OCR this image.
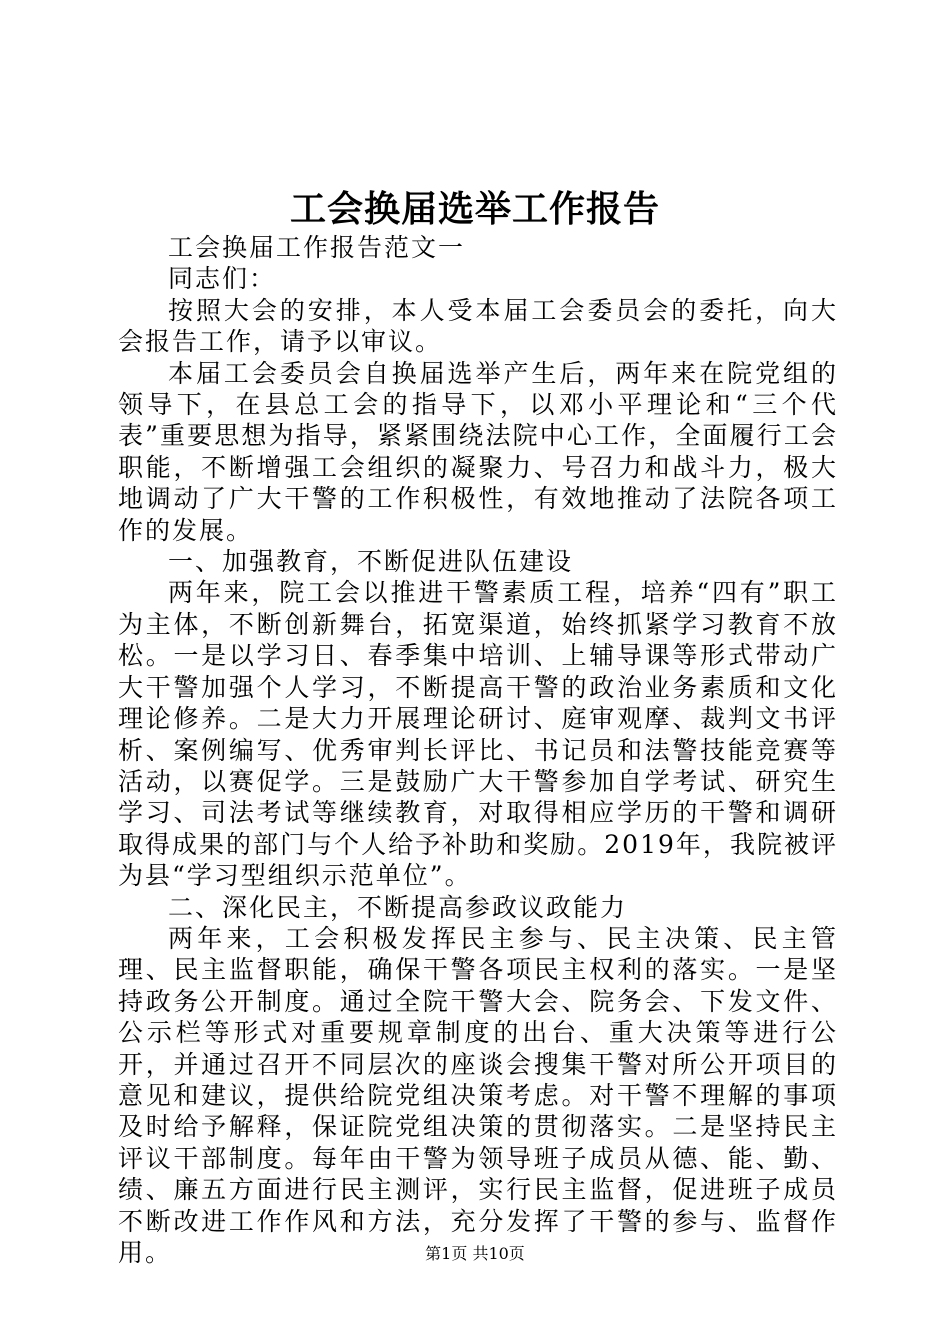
工会换届选举工作报告

工会换届工作报告范文一

同志们：

按照大会的安排，本人受本届工会委员会的委托，向大会报告工作，请予以审议。

本届工会委员会自换届选举产生后，两年来在院党组的领导下，在县总工会的指导下，以邓小平理论和“三个代表”重要思想为指导，紧紧围绕法院中心工作，全面履行工会职能，不断增强工会组织的凝聚力、号召力和战斗力，极大地调动了广大干警的工作积极性，有效地推动了法院各项工作的发展。

一、加强教育，不断促进队伍建设

两年来，院工会以推进干警素质工程，培养“四有”职工为主体，不断创新舞台，拓宽渠道，始终抓紧学习教育不放松。一是以学习日、春季集中培训、上辅导课等形式带动广大干警加强个人学习，不断提高干警的政治业务素质和文化理论修养。二是大力开展理论研讨、庭审观摩、裁判文书评析、案例编写、优秀审判长评比、书记员和法警技能竞赛等活动，以赛促学。三是鼓励广大干警参加自学考试、研究生学习、司法考试等继续教育，对取得相应学历的干警和调研取得成果的部门与个人给予补助和奖励。2019年，我院被评为县“学习型组织示范单位”。

二、深化民主，不断提高参政议政能力

两年来，工会积极发挥民主参与、民主决策、民主管理、民主监督职能，确保干警各项民主权利的落实。一是坚持政务公开制度。通过全院干警大会、院务会、下发文件、公示栏等形式对重要规章制度的出台、重大决策等进行公开，并通过召开不同层次的座谈会搜集干警对所公开项目的意见和建议，提供给院党组决策考虑。对干警不理解的事项及时给予解释，保证院党组决策的贯彻落实。二是坚持民主评议干部制度。每年由干警为领导班子成员从德、能、勤、绩、廉五方面进行民主测评，实行民主监督，促进班子成员不断改进工作作风和方法，充分发挥了干警的参与、监督作用。	第1页 共10页
